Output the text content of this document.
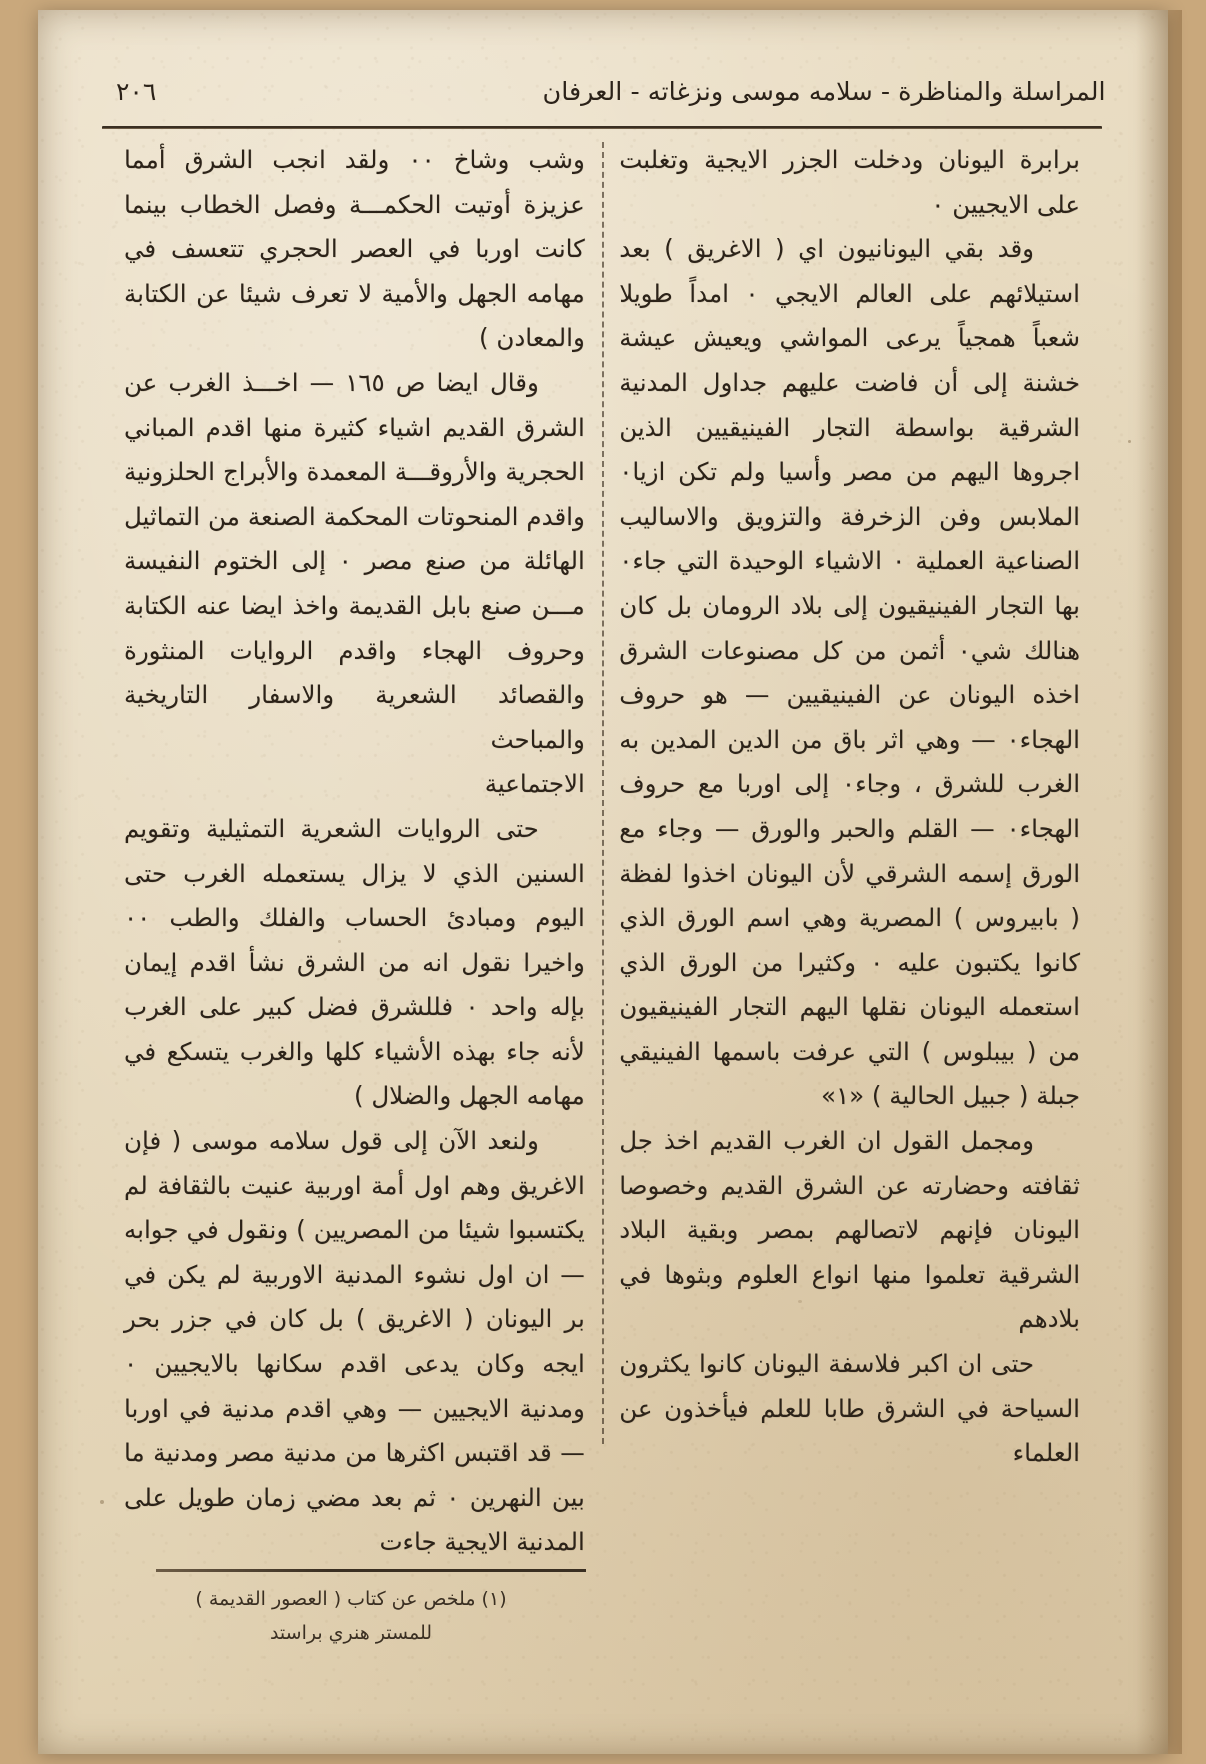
المراسلة والمناظرة - سلامه موسى ونزغاته - العرفان
٢٠٦

وشب وشاخ ٠٠ ولقد انجب الشرق أمما عزيزة أوتيت الحكمـــة وفصل الخطاب بينما كانت اوربا في العصر الحجري تتعسف في مهامه الجهل والأمية لا تعرف شيئا عن الكتابة والمعادن )

وقال ايضا ص ١٦٥ — اخـــذ الغرب عن الشرق القديم اشياء كثيرة منها اقدم المباني الحجرية والأروقـــة المعمدة والأبراج الحلزونية واقدم المنحوتات المحكمة الصنعة من التماثيل الهائلة من صنع مصر ٠ إلى الختوم النفيسة مـــن صنع بابل القديمة واخذ ايضا عنه الكتابة وحروف الهجاء واقدم الروايات المنثورة والقصائد الشعرية والاسفار التاريخية والمباحث

الاجتماعية

حتى الروايات الشعرية التمثيلية وتقويم السنين الذي لا يزال يستعمله الغرب حتى اليوم ومبادئ الحساب والفلك والطب ٠٠ واخيرا نقول انه من الشرق نشأ اقدم إيمان بإله واحد ٠ فللشرق فضل كبير على الغرب لأنه جاء بهذه الأشياء كلها والغرب يتسكع في مهامه الجهل والضلال )

ولنعد الآن إلى قول سلامه موسى ( فإن الاغريق وهم اول أمة اوربية عنيت بالثقافة لم يكتسبوا شيئا من المصريين ) ونقول في جوابه — ان اول نشوء المدنية الاوربية لم يكن في بر اليونان ( الاغريق ) بل كان في جزر بحر ايجه وكان يدعى اقدم سكانها بالايجيين ٠ ومدنية الايجيين — وهي اقدم مدنية في اوربا — قد اقتبس اكثرها من مدنية مصر ومدنية ما بين النهرين ٠ ثم بعد مضي زمان طويل على المدنية الايجية جاءت

برابرة اليونان ودخلت الجزر الايجية وتغلبت على الايجيين ٠

وقد بقي اليونانيون اي ( الاغريق ) بعد استيلائهم على العالم الايجي ٠ امداً طويلا شعباً همجياً يرعى المواشي ويعيش عيشة خشنة إلى أن فاضت عليهم جداول المدنية الشرقية بواسطة التجار الفينيقيين الذين اجروها اليهم من مصر وأسيا ولم تكن ازيا٠ الملابس وفن الزخرفة والتزويق والاساليب الصناعية العملية ٠ الاشياء الوحيدة التي جاء٠ بها التجار الفينيقيون إلى بلاد الرومان بل كان هنالك شي٠ أثمن من كل مصنوعات الشرق اخذه اليونان عن الفينيقيين — هو حروف الهجاء٠ — وهي اثر باق من الدين المدين به الغرب للشرق ، وجاء٠ إلى اوربا مع حروف الهجاء٠ — القلم والحبر والورق — وجاء مع الورق إسمه الشرقي لأن اليونان اخذوا لفظة ( بابيروس ) المصرية وهي اسم الورق الذي كانوا يكتبون عليه ٠ وكثيرا من الورق الذي استعمله اليونان نقلها اليهم التجار الفينيقيون من ( بيبلوس ) التي عرفت باسمها الفينيقي جبلة ( جبيل الحالية ) «١»

ومجمل القول ان الغرب القديم اخذ جل ثقافته وحضارته عن الشرق القديم وخصوصا اليونان فإنهم لاتصالهم بمصر وبقية البلاد الشرقية تعلموا منها انواع العلوم وبثوها في بلادهم

حتى ان اكبر فلاسفة اليونان كانوا يكثرون السياحة في الشرق طابا للعلم فيأخذون عن العلماء

(١) ملخص عن كتاب ( العصور القديمة )
للمستر هنري براستد
